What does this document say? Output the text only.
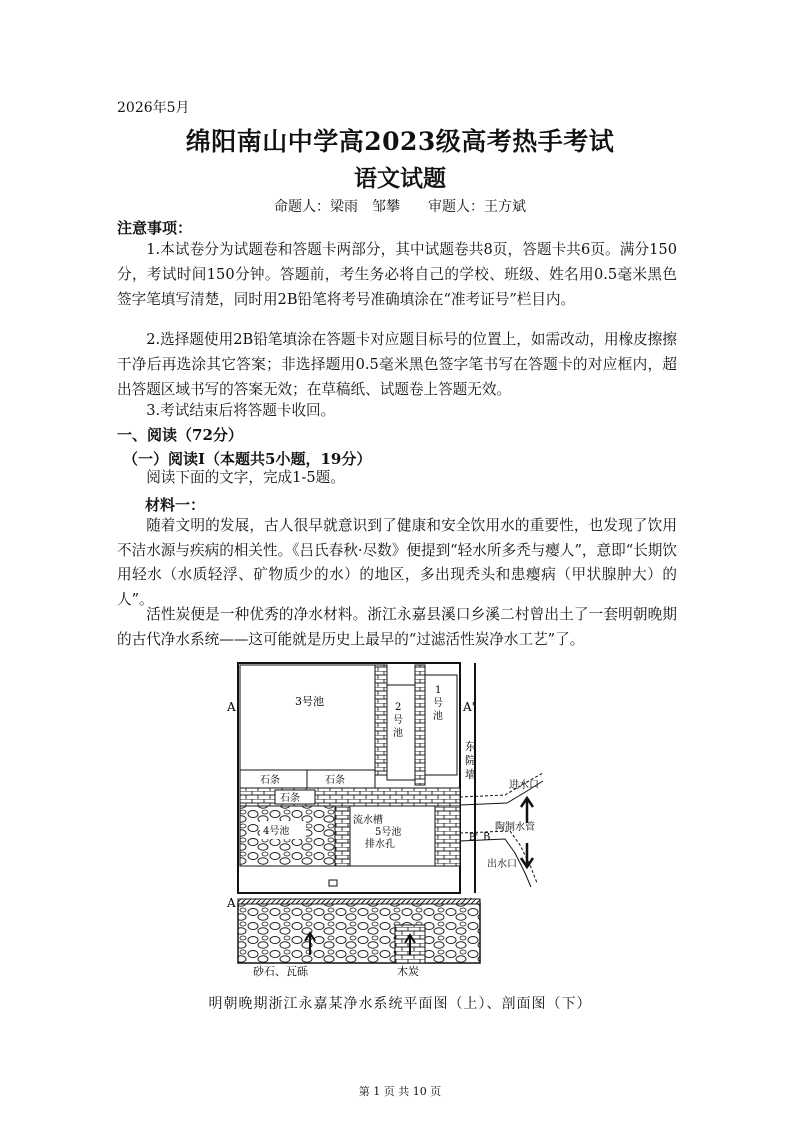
2026年5月
绵阳南山中学高2023级高考热手考试
语文试题
命题人：梁雨　邹攀　　审题人：王方斌
注意事项：
1.本试卷分为试题卷和答题卡两部分，其中试题卷共8页，答题卡共6页。满分150分，考试时间150分钟。答题前，考生务必将自己的学校、班级、姓名用0.5毫米黑色签字笔填写清楚，同时用2B铅笔将考号准确填涂在“准考证号”栏目内。
2.选择题使用2B铅笔填涂在答题卡对应题目标号的位置上，如需改动，用橡皮擦擦干净后再选涂其它答案；非选择题用0.5毫米黑色签字笔书写在答题卡的对应框内，超出答题区域书写的答案无效；在草稿纸、试题卷上答题无效。
3.考试结束后将答题卡收回。
一、阅读（72分）
（一）阅读Ⅰ（本题共5小题，19分）
阅读下面的文字，完成1-5题。
材料一：
随着文明的发展，古人很早就意识到了健康和安全饮用水的重要性，也发现了饮用不洁水源与疾病的相关性。《吕氏春秋·尽数》便提到“轻水所多秃与瘿人”，意即“长期饮用轻水（水质轻浮、矿物质少的水）的地区，多出现秃头和患瘿病（甲状腺肿大）的人”。
活性炭便是一种优秀的净水材料。浙江永嘉县溪口乡溪二村曾出土了一套明朝晚期的古代净水系统——这可能就是历史上最早的“过滤活性炭净水工艺”了。
3号池	2
号
池
1
号
池
石条	石条
石条
4号池
流水槽
5号池
排水孔
A	A'
东
院
墙
进水口
B
陶制水管
出水口
B'
A
砂石、瓦砾	木炭
明朝晚期浙江永嘉某净水系统平面图（上）、剖面图（下）
第 1 页 共 10 页
